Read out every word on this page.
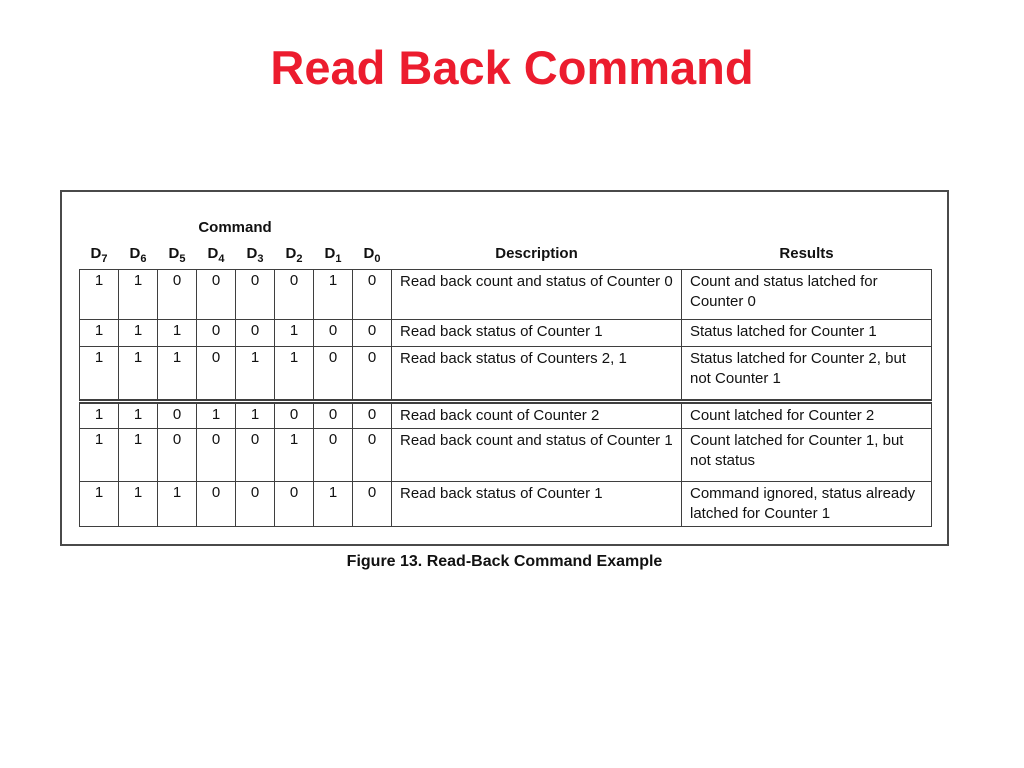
Read Back Command
Command
$D_7$	$D_6$	$D_5$	$D_4$	$D_3$	$D_2$	$D_1$	$D_0$	Description	Results
1	1	0	0	0	0	1	0	Read back count and status of Counter 0	Count and status latched for Counter 0
1	1	1	0	0	1	0	0	Read back status of Counter 1	Status latched for Counter 1
1	1	1	0	1	1	0	0	Read back status of Counters 2, 1	Status latched for Counter 2, but not Counter 1
1	1	0	1	1	0	0	0	Read back count of Counter 2	Count latched for Counter 2
1	1	0	0	0	1	0	0	Read back count and status of Counter 1	Count latched for Counter 1, but not status
1	1	1	0	0	0	1	0	Read back status of Counter 1	Command ignored, status already latched for Counter 1
Figure 13. Read-Back Command Example
